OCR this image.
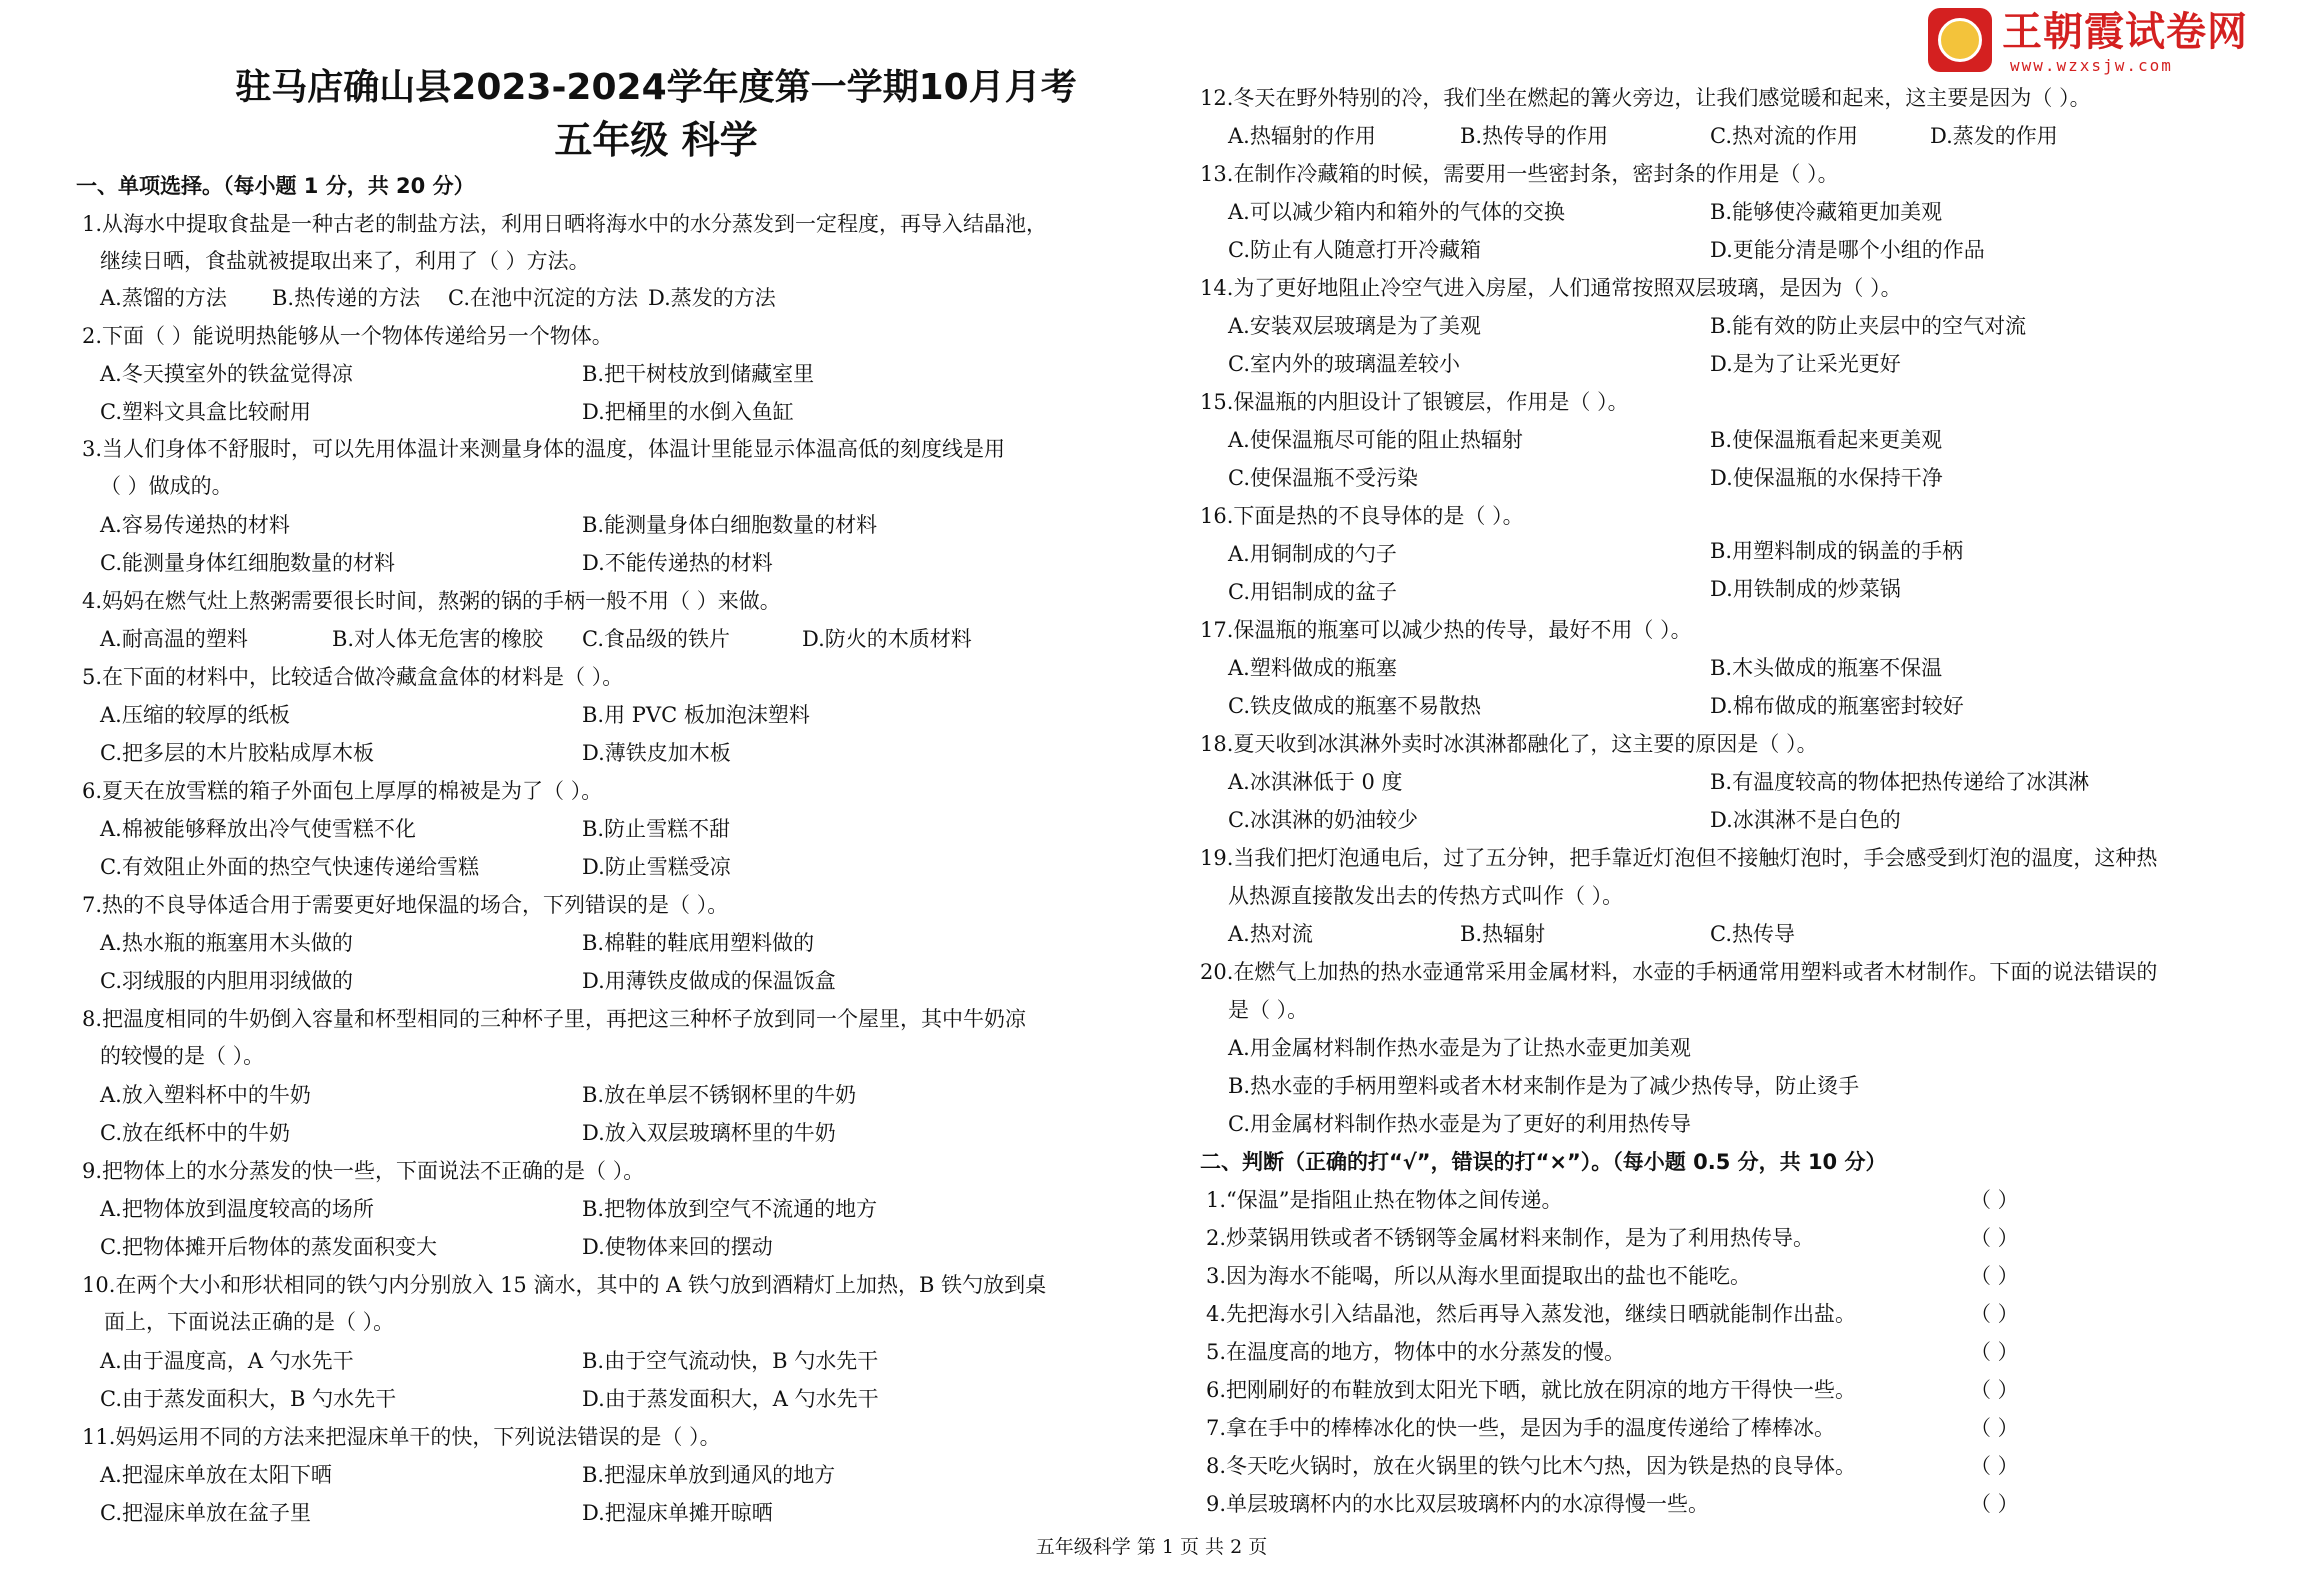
王朝霞试卷网
www.wzxsjw.com
驻马店确山县2023-2024学年度第一学期10月月考
五年级 科学
一、单项选择。（每小题 1 分，共 20 分）
1.从海水中提取食盐是一种古老的制盐方法，利用日晒将海水中的水分蒸发到一定程度，再导入结晶池，
继续日晒，食盐就被提取出来了，利用了（ ）方法。
A.蒸馏的方法 B.热传递的方法 C.在池中沉淀的方法 D.蒸发的方法
2.下面（ ）能说明热能够从一个物体传递给另一个物体。
A.冬天摸室外的铁盆觉得凉	B.把干树枝放到储藏室里
C.塑料文具盒比较耐用	D.把桶里的水倒入鱼缸
3.当人们身体不舒服时，可以先用体温计来测量身体的温度，体温计里能显示体温高低的刻度线是用
（ ）做成的。
A.容易传递热的材料	B.能测量身体白细胞数量的材料
C.能测量身体红细胞数量的材料	D.不能传递热的材料
4.妈妈在燃气灶上熬粥需要很长时间，熬粥的锅的手柄一般不用（ ）来做。
A.耐高温的塑料	B.对人体无危害的橡胶 C.食品级的铁片	D.防火的木质材料
5.在下面的材料中，比较适合做冷藏盒盒体的材料是（ ）。
A.压缩的较厚的纸板	B.用 PVC 板加泡沫塑料
C.把多层的木片胶粘成厚木板	D.薄铁皮加木板
6.夏天在放雪糕的箱子外面包上厚厚的棉被是为了（ ）。
A.棉被能够释放出冷气使雪糕不化	B.防止雪糕不甜
C.有效阻止外面的热空气快速传递给雪糕	D.防止雪糕受凉
7.热的不良导体适合用于需要更好地保温的场合，下列错误的是（ ）。
A.热水瓶的瓶塞用木头做的	B.棉鞋的鞋底用塑料做的
C.羽绒服的内胆用羽绒做的	D.用薄铁皮做成的保温饭盒
8.把温度相同的牛奶倒入容量和杯型相同的三种杯子里，再把这三种杯子放到同一个屋里，其中牛奶凉
的较慢的是（ ）。
A.放入塑料杯中的牛奶	B.放在单层不锈钢杯里的牛奶
C.放在纸杯中的牛奶	D.放入双层玻璃杯里的牛奶
9.把物体上的水分蒸发的快一些，下面说法不正确的是（ ）。
A.把物体放到温度较高的场所	B.把物体放到空气不流通的地方
C.把物体摊开后物体的蒸发面积变大	D.使物体来回的摆动
10.在两个大小和形状相同的铁勺内分别放入 15 滴水，其中的 A 铁勺放到酒精灯上加热，B 铁勺放到桌
面上，下面说法正确的是（ ）。
A.由于温度高，A 勺水先干	B.由于空气流动快，B 勺水先干
C.由于蒸发面积大，B 勺水先干	D.由于蒸发面积大，A 勺水先干
11.妈妈运用不同的方法来把湿床单干的快，下列说法错误的是（ ）。
A.把湿床单放在太阳下晒	B.把湿床单放到通风的地方
C.把湿床单放在盆子里	D.把湿床单摊开晾晒
12.冬天在野外特别的冷，我们坐在燃起的篝火旁边，让我们感觉暖和起来，这主要是因为（ ）。
A.热辐射的作用	B.热传导的作用	C.热对流的作用	D.蒸发的作用
13.在制作冷藏箱的时候，需要用一些密封条，密封条的作用是（ ）。
A.可以减少箱内和箱外的气体的交换	B.能够使冷藏箱更加美观
C.防止有人随意打开冷藏箱	D.更能分清是哪个小组的作品
14.为了更好地阻止冷空气进入房屋，人们通常按照双层玻璃，是因为（ ）。
A.安装双层玻璃是为了美观	B.能有效的防止夹层中的空气对流
C.室内外的玻璃温差较小	D.是为了让采光更好
15.保温瓶的内胆设计了银镀层，作用是（ ）。
A.使保温瓶尽可能的阻止热辐射	B.使保温瓶看起来更美观
C.使保温瓶不受污染	D.使保温瓶的水保持干净
16.下面是热的不良导体的是（ ）。
A.用铜制成的勺子	B.用塑料制成的锅盖的手柄
C.用铝制成的盆子	D.用铁制成的炒菜锅
17.保温瓶的瓶塞可以减少热的传导，最好不用（ ）。
A.塑料做成的瓶塞	B.木头做成的瓶塞不保温
C.铁皮做成的瓶塞不易散热	D.棉布做成的瓶塞密封较好
18.夏天收到冰淇淋外卖时冰淇淋都融化了，这主要的原因是（ ）。
A.冰淇淋低于 0 度	B.有温度较高的物体把热传递给了冰淇淋
C.冰淇淋的奶油较少	D.冰淇淋不是白色的
19.当我们把灯泡通电后，过了五分钟，把手靠近灯泡但不接触灯泡时，手会感受到灯泡的温度，这种热
从热源直接散发出去的传热方式叫作（ ）。
A.热对流	B.热辐射	C.热传导
20.在燃气上加热的热水壶通常采用金属材料，水壶的手柄通常用塑料或者木材制作。下面的说法错误的
是（ ）。
A.用金属材料制作热水壶是为了让热水壶更加美观
B.热水壶的手柄用塑料或者木材来制作是为了减少热传导，防止烫手
C.用金属材料制作热水壶是为了更好的利用热传导
二、判断（正确的打“√”，错误的打“×”）。（每小题 0.5 分，共 10 分）
1.“保温”是指阻止热在物体之间传递。	（ ）
2.炒菜锅用铁或者不锈钢等金属材料来制作，是为了利用热传导。	（ ）
3.因为海水不能喝，所以从海水里面提取出的盐也不能吃。	（ ）
4.先把海水引入结晶池，然后再导入蒸发池，继续日晒就能制作出盐。	（ ）
5.在温度高的地方，物体中的水分蒸发的慢。	（ ）
6.把刚刷好的布鞋放到太阳光下晒，就比放在阴凉的地方干得快一些。	（ ）
7.拿在手中的棒棒冰化的快一些，是因为手的温度传递给了棒棒冰。	（ ）
8.冬天吃火锅时，放在火锅里的铁勺比木勺热，因为铁是热的良导体。	（ ）
9.单层玻璃杯内的水比双层玻璃杯内的水凉得慢一些。	（ ）
五年级科学 第 1 页 共 2 页
